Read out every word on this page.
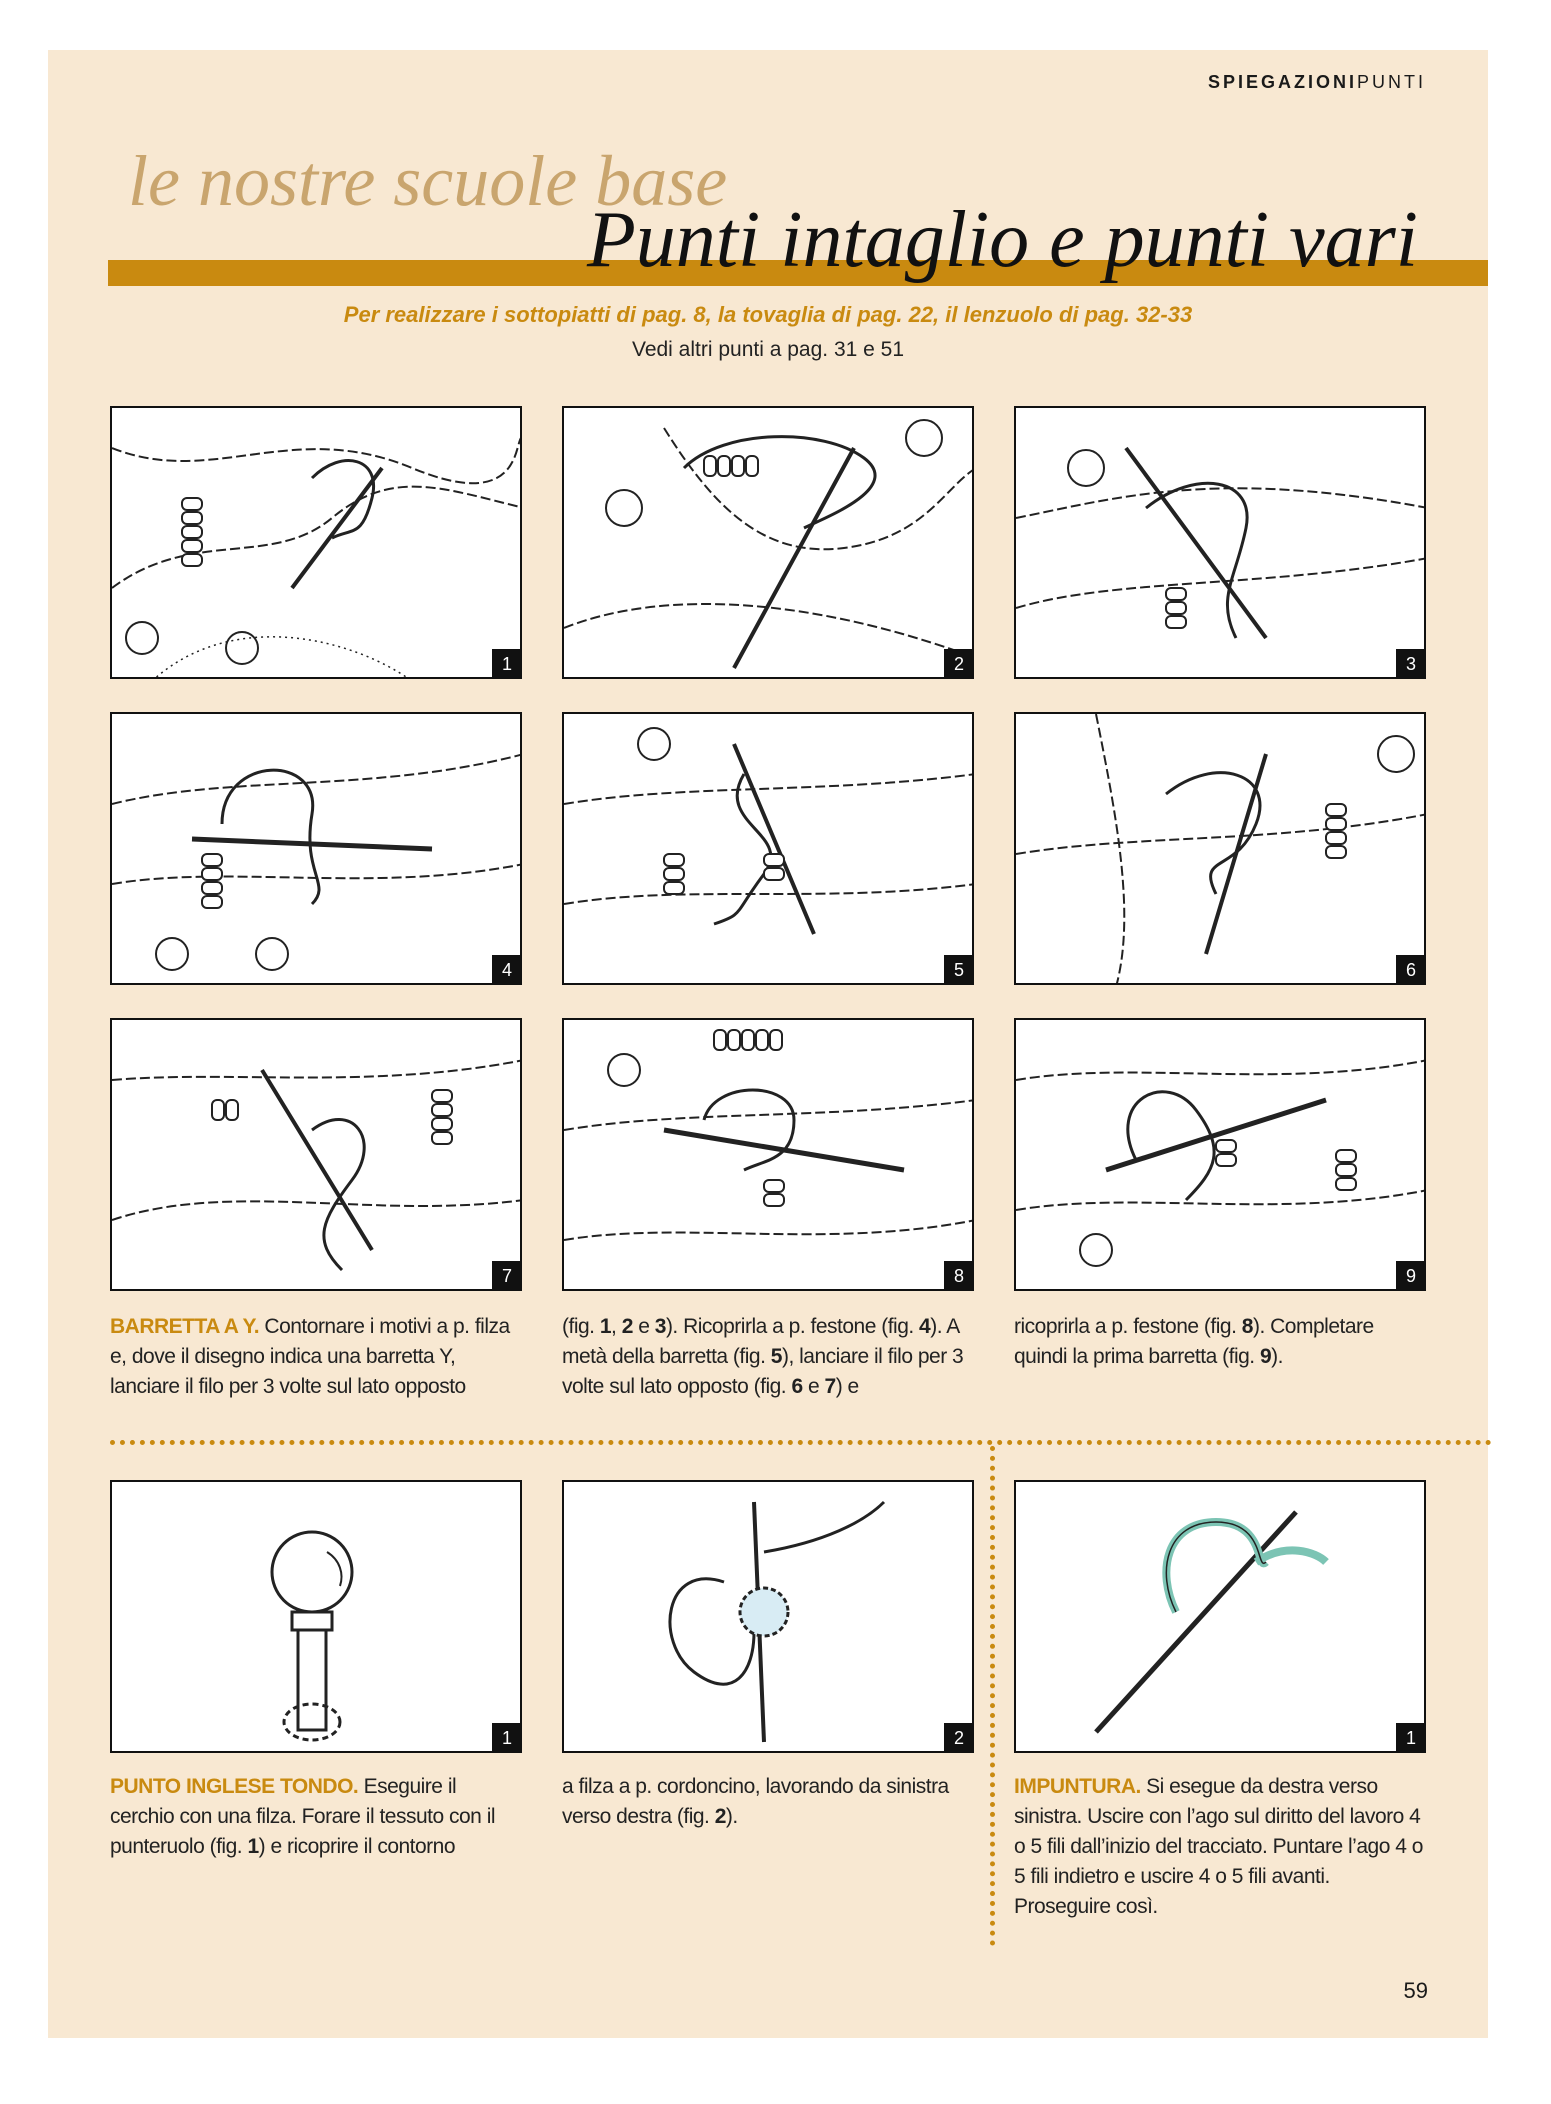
SPIEGAZIONIPUNTI
le nostre scuole base
Punti intaglio e punti vari
Per realizzare i sottopiatti di pag. 8, la tovaglia di pag. 22, il lenzuolo di pag. 32-33
Vedi altri punti a pag. 31 e 51
1	2	3
4	5	6
7	8	9
BARRETTA A Y. Contornare i motivi a p. filza e, dove il disegno indica una barretta Y, lanciare il filo per 3 volte sul lato opposto
(fig. 1, 2 e 3). Ricoprirla a p. festone (fig. 4). A metà della barretta (fig. 5), lanciare il filo per 3 volte sul lato opposto (fig. 6 e 7) e
ricoprirla a p. festone (fig. 8). Completare quindi la prima barretta (fig. 9).
1	2	1
PUNTO INGLESE TONDO. Eseguire il cerchio con una filza. Forare il tessuto con il punteruolo (fig. 1) e ricoprire il contorno
a filza a p. cordoncino, lavorando da sinistra verso destra (fig. 2).
IMPUNTURA. Si esegue da destra verso sinistra. Uscire con l’ago sul diritto del lavoro 4 o 5 fili dall’inizio del tracciato. Puntare l’ago 4 o 5 fili indietro e uscire 4 o 5 fili avanti. Proseguire così.
59
